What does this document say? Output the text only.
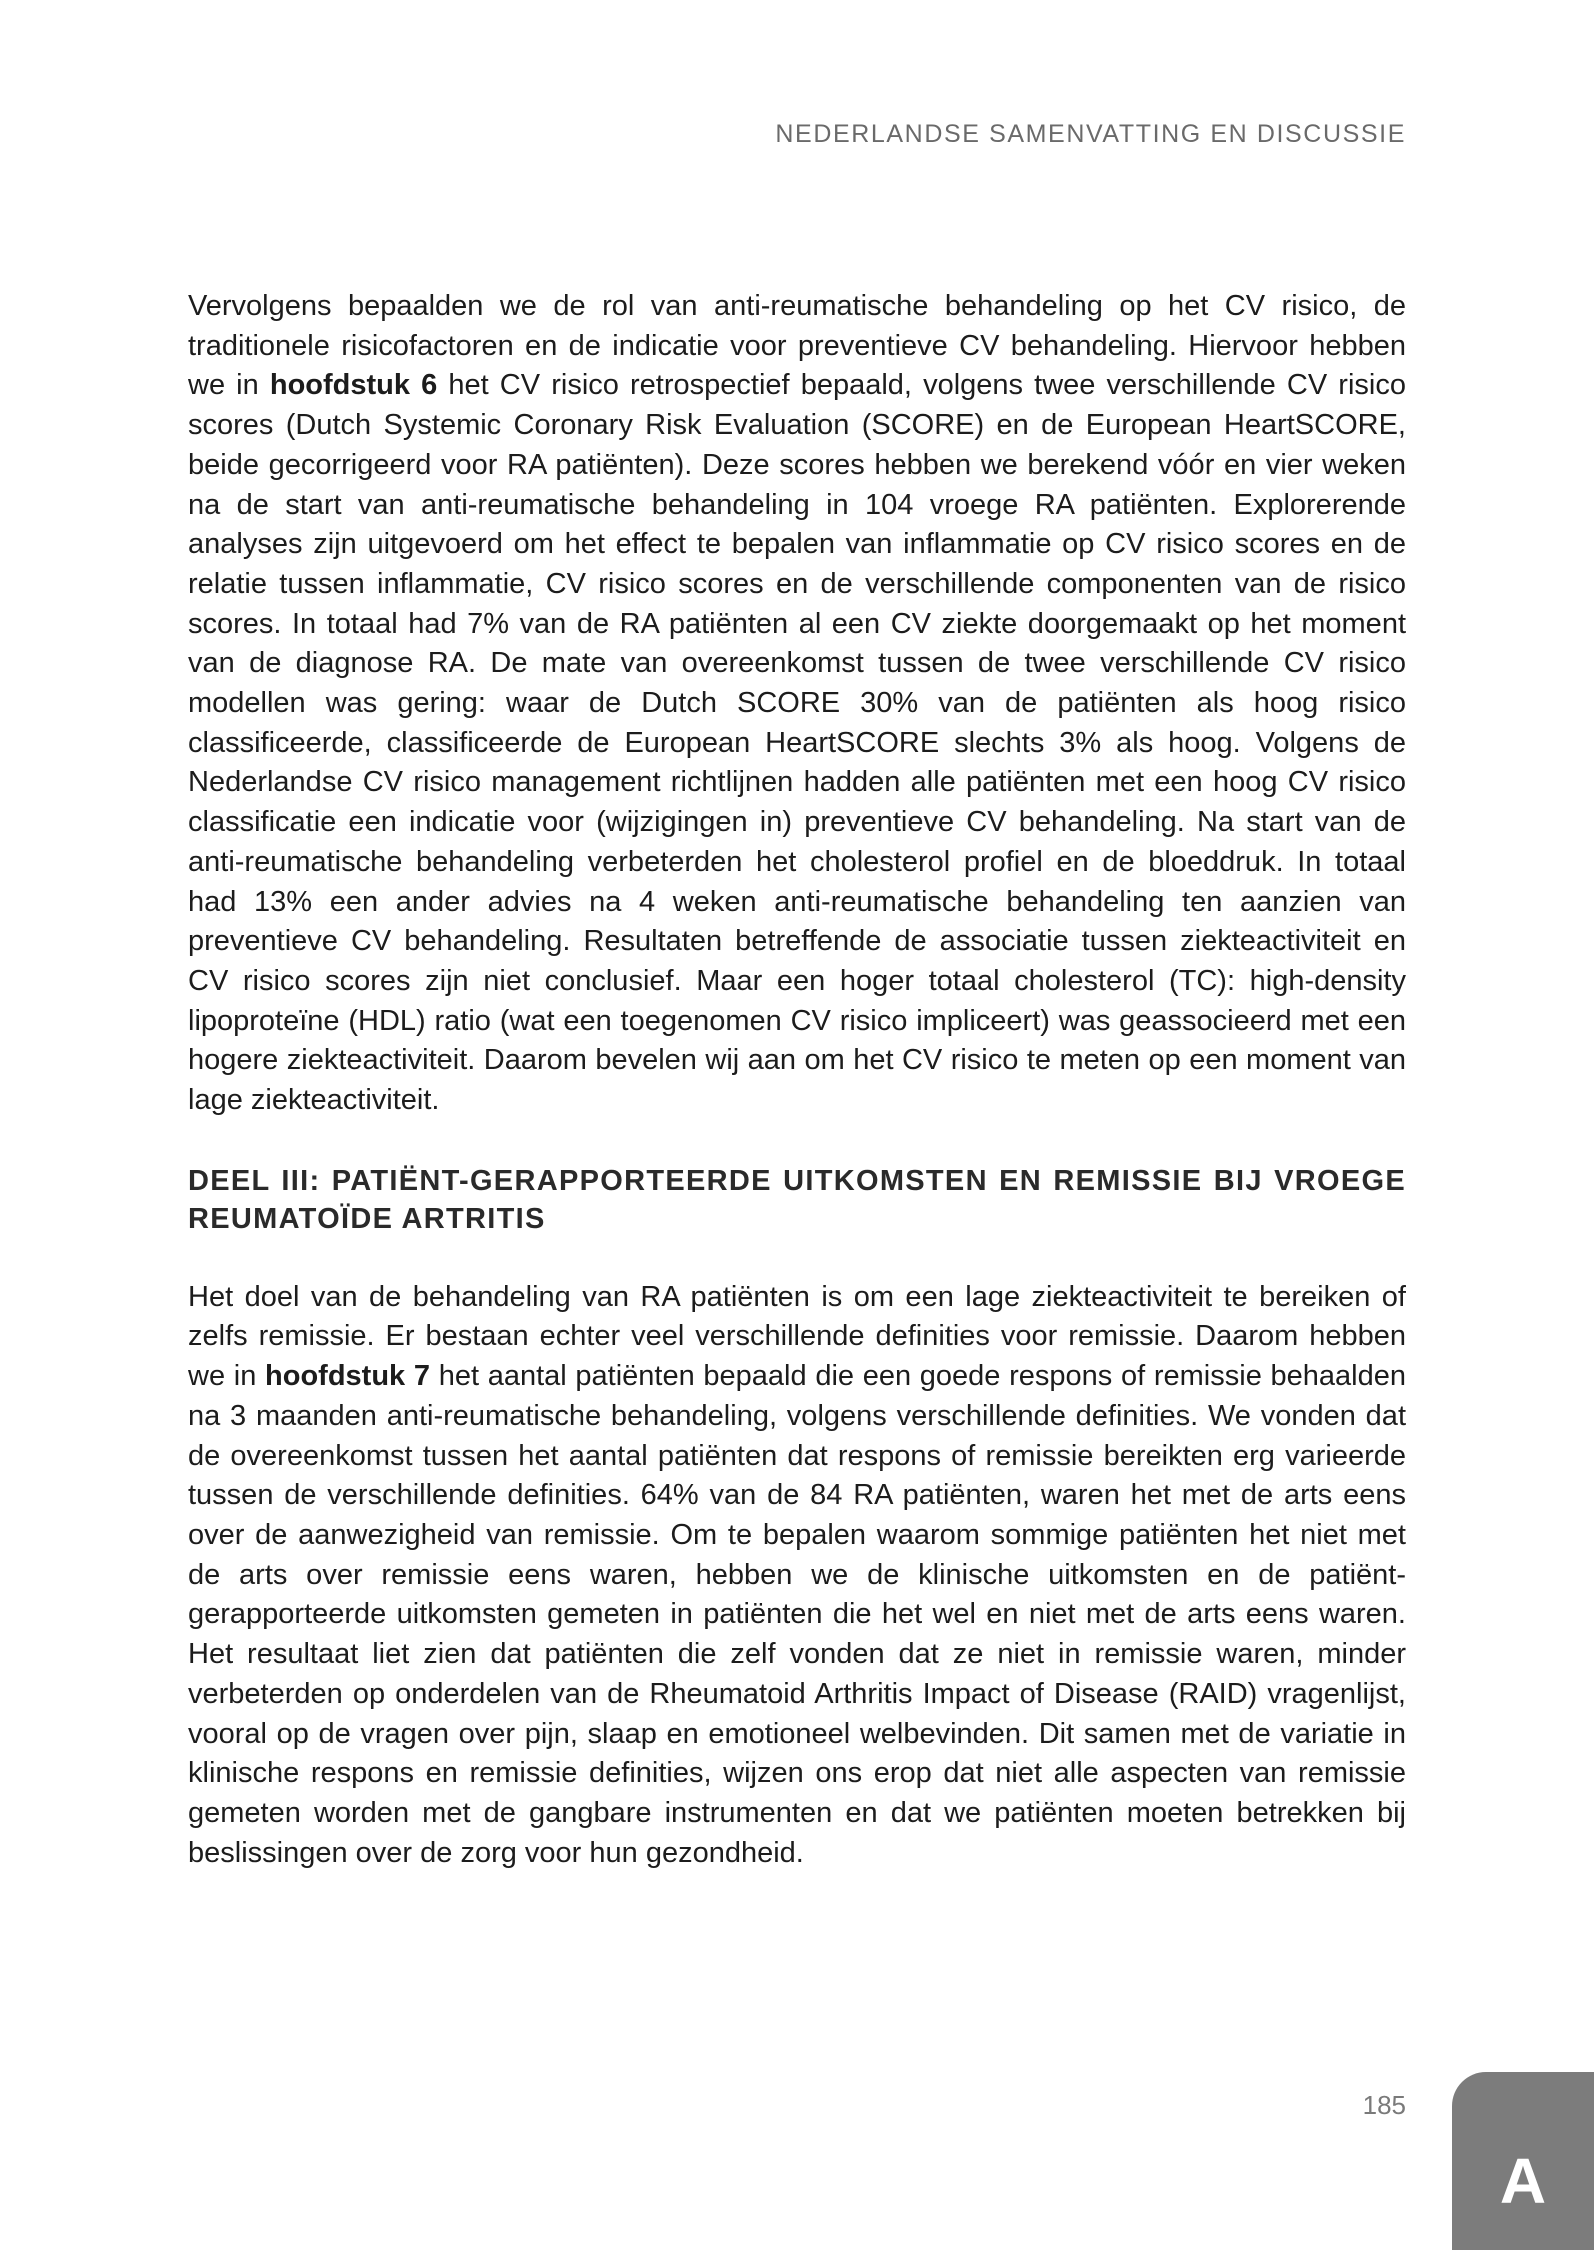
NEDERLANDSE SAMENVATTING EN DISCUSSIE

Vervolgens bepaalden we de rol van anti-reumatische behandeling op het CV risico, de traditionele risicofactoren en de indicatie voor preventieve CV behandeling. Hiervoor hebben we in hoofdstuk 6 het CV risico retrospectief bepaald, volgens twee verschillende CV risico scores (Dutch Systemic Coronary Risk Evaluation (SCORE) en de European HeartSCORE, beide gecorrigeerd voor RA patiënten). Deze scores hebben we berekend vóór en vier weken na de start van anti-reumatische behandeling in 104 vroege RA patiënten. Explorerende analyses zijn uitgevoerd om het effect te bepalen van inflammatie op CV risico scores en de relatie tussen inflammatie, CV risico scores en de verschillende componenten van de risico scores. In totaal had 7% van de RA patiënten al een CV ziekte doorgemaakt op het moment van de diagnose RA. De mate van overeenkomst tussen de twee verschillende CV risico modellen was gering: waar de Dutch SCORE 30% van de patiënten als hoog risico classificeerde, classificeerde de European HeartSCORE slechts 3% als hoog. Volgens de Nederlandse CV risico management richtlijnen hadden alle patiënten met een hoog CV risico classificatie een indicatie voor (wijzigingen in) preventieve CV behandeling. Na start van de anti-reumatische behandeling verbeterden het cholesterol profiel en de bloeddruk. In totaal had 13% een ander advies na 4 weken anti-reumatische behandeling ten aanzien van preventieve CV behandeling. Resultaten betreffende de associatie tussen ziekteactiviteit en CV risico scores zijn niet conclusief. Maar een hoger totaal cholesterol (TC): high-density lipoproteïne (HDL) ratio (wat een toegenomen CV risico impliceert) was geassocieerd met een hogere ziekteactiviteit. Daarom bevelen wij aan om het CV risico te meten op een moment van lage ziekteactiviteit.

DEEL III: PATIËNT-GERAPPORTEERDE UITKOMSTEN EN REMISSIE BIJ VROEGE REUMATOÏDE ARTRITIS

Het doel van de behandeling van RA patiënten is om een lage ziekteactiviteit te bereiken of zelfs remissie. Er bestaan echter veel verschillende definities voor remissie. Daarom hebben we in hoofdstuk 7 het aantal patiënten bepaald die een goede respons of remissie behaalden na 3 maanden anti-reumatische behandeling, volgens verschillende definities. We vonden dat de overeenkomst tussen het aantal patiënten dat respons of remissie bereikten erg varieerde tussen de verschillende definities. 64% van de 84 RA patiënten, waren het met de arts eens over de aanwezigheid van remissie. Om te bepalen waarom sommige patiënten het niet met de arts over remissie eens waren, hebben we de klinische uitkomsten en de patiënt-gerapporteerde uitkomsten gemeten in patiënten die het wel en niet met de arts eens waren. Het resultaat liet zien dat patiënten die zelf vonden dat ze niet in remissie waren, minder verbeterden op onderdelen van de Rheumatoid Arthritis Impact of Disease (RAID) vragenlijst, vooral op de vragen over pijn, slaap en emotioneel welbevinden. Dit samen met de variatie in klinische respons en remissie definities, wijzen ons erop dat niet alle aspecten van remissie gemeten worden met de gangbare instrumenten en dat we patiënten moeten betrekken bij beslissingen over de zorg voor hun gezondheid.

185
A
